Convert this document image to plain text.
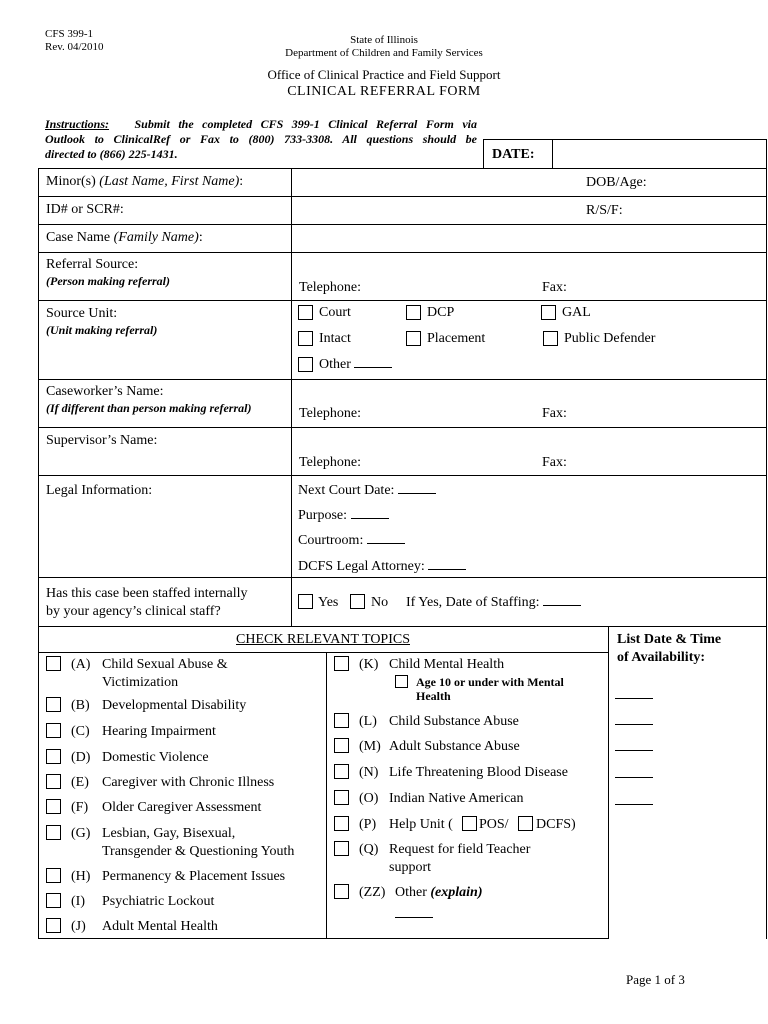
CFS 399-1
Rev. 04/2010
State of Illinois
Department of Children and Family Services
Office of Clinical Practice and Field Support
CLINICAL REFERRAL FORM
Instructions: Submit the completed CFS 399-1 Clinical Referral Form via
Outlook to ClinicalRef or Fax to (800) 733-3308. All questions should be
directed to (866) 225-1431.	DATE:
Minor(s) (Last Name, First Name):	DOB/Age:
ID# or SCR#:	R/S/F:
Case Name (Family Name):
Referral Source:
(Person making referral)	Telephone:	Fax:
Source Unit:
(Unit making referral)
Court	DCP	GAL
Intact	Placement	Public Defender
Other
Caseworker’s Name:
(If different than person making referral)	Telephone:	Fax:
Supervisor’s Name:
Telephone:	Fax:
Legal Information:	Next Court Date:
Purpose:
Courtroom:
DCFS Legal Attorney:
Has this case been staffed internally
by your agency’s clinical staff?
Yes No If Yes, Date of Staffing:
CHECK RELEVANT TOPICS	List Date & Time
of Availability:
(A) Child Sexual Abuse &
Victimization
(B) Developmental Disability
(C) Hearing Impairment
(D) Domestic Violence
(E) Caregiver with Chronic Illness
(F) Older Caregiver Assessment
(G) Lesbian, Gay, Bisexual,
Transgender & Questioning Youth
(H) Permanency & Placement Issues
(I) Psychiatric Lockout
(J) Adult Mental Health
(K) Child Mental Health
Age 10 or under with Mental
Health
(L) Child Substance Abuse
(M) Adult Substance Abuse
(N) Life Threatening Blood Disease
(O) Indian Native American
(P) Help Unit ( POS/ DCFS)
(Q) Request for field Teacher
support
(ZZ) Other (explain)
Page 1 of 3
